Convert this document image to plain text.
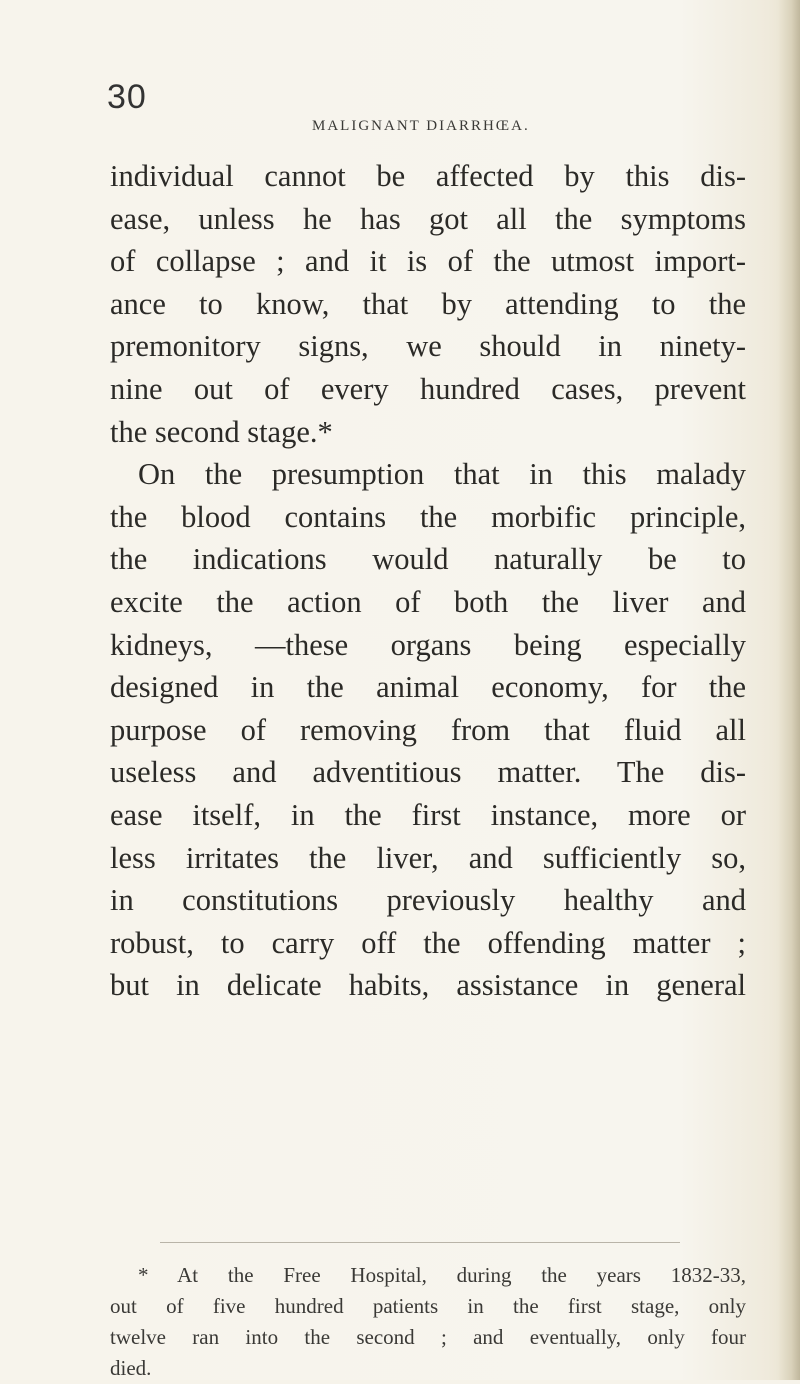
30
MALIGNANT DIARRHŒA.
individual cannot be affected by this dis-
ease, unless he has got all the symptoms
of collapse ; and it is of the utmost import-
ance to know, that by attending to the
premonitory signs, we should in ninety-
nine out of every hundred cases, prevent
the second stage.*
On the presumption that in this malady
the blood contains the morbific principle,
the indications would naturally be to
excite the action of both the liver and
kidneys, —these organs being especially
designed in the animal economy, for the
purpose of removing from that fluid all
useless and adventitious matter. The dis-
ease itself, in the first instance, more or
less irritates the liver, and sufficiently so,
in constitutions previously healthy and
robust, to carry off the offending matter ;
but in delicate habits, assistance in general
* At the Free Hospital, during the years 1832-33,
out of five hundred patients in the first stage, only
twelve ran into the second ; and eventually, only four
died.
